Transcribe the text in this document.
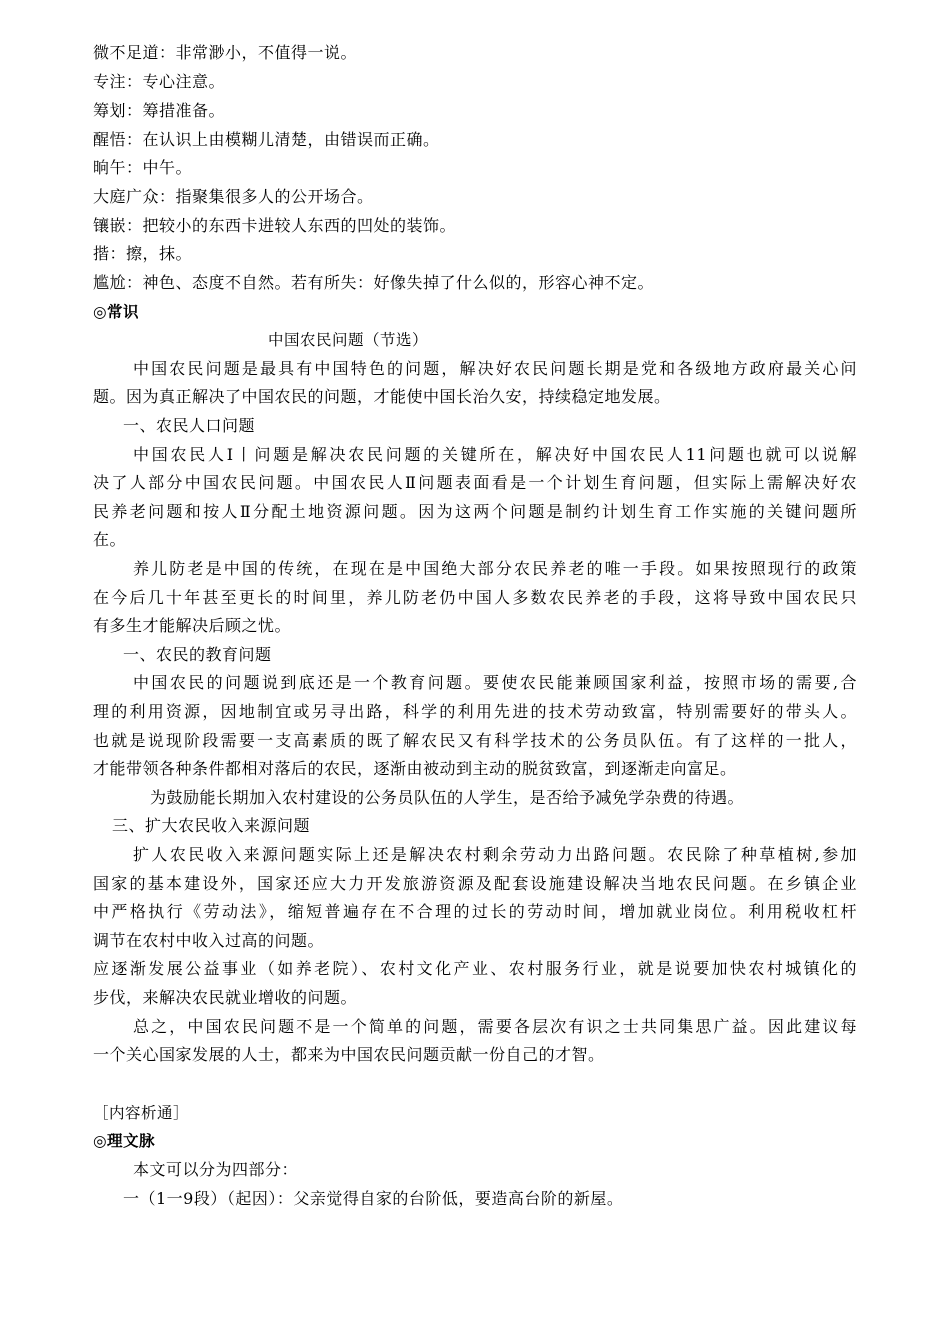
微不足道：非常渺小，不值得一说。
专注：专心注意。
筹划：筹措准备。
醒悟：在认识上由模糊儿清楚，由错误而正确。
晌午：中午。
大庭广众：指聚集很多人的公开场合。
镶嵌：把较小的东西卡进较人东西的凹处的装饰。
揩：擦，抹。
尴尬：神色、态度不自然。若有所失：好像失掉了什么似的，形容心神不定。
◎常识
中国农民问题（节选）
中国农民问题是最具有中国特色的问题，解决好农民问题长期是党和各级地方政府最关心问
题。因为真正解决了中国农民的问题，才能使中国长治久安，持续稳定地发展。
一、农民人口问题
中国农民人I丨问题是解决农民问题的关键所在，解决好中国农民人11问题也就可以说解
决了人部分中国农民问题。中国农民人Ⅱ问题表面看是一个计划生育问题，但实际上需解决好农
民养老问题和按人Ⅱ分配土地资源问题。因为这两个问题是制约计划生育工作实施的关键问题所
在。
养儿防老是中国的传统，在现在是中国绝大部分农民养老的唯一手段。如果按照现行的政策
在今后几十年甚至更长的时间里，养儿防老仍中国人多数农民养老的手段，这将导致中国农民只
有多生才能解决后顾之忧。
一、农民的教育问题
中国农民的问题说到底还是一个教育问题。要使农民能兼顾国家利益，按照市场的需要,合
理的利用资源，因地制宜或另寻出路，科学的利用先进的技术劳动致富，特别需要好的带头人。
也就是说现阶段需要一支高素质的既了解农民又有科学技术的公务员队伍。有了这样的一批人，
才能带领各种条件都相对落后的农民，逐渐由被动到主动的脱贫致富，到逐渐走向富足。
为鼓励能长期加入农村建设的公务员队伍的人学生，是否给予减免学杂费的待遇。
三、扩大农民收入来源问题
扩人农民收入来源问题实际上还是解决农村剩余劳动力出路问题。农民除了种草植树,参加
国家的基本建设外，国家还应大力开发旅游资源及配套设施建设解决当地农民问题。在乡镇企业
中严格执行《劳动法》，缩短普遍存在不合理的过长的劳动时间，增加就业岗位。利用税收杠杆
调节在农村中收入过高的问题。
应逐渐发展公益事业（如养老院）、农村文化产业、农村服务行业，就是说要加快农村城镇化的
步伐，来解决农民就业增收的问题。
总之，中国农民问题不是一个简单的问题，需要各层次有识之士共同集思广益。因此建议每
一个关心国家发展的人士，都来为中国农民问题贡献一份自己的才智。
［内容析通］
◎理文脉
本文可以分为四部分：
一（1一9段）（起因）：父亲觉得自家的台阶低，要造高台阶的新屋。
